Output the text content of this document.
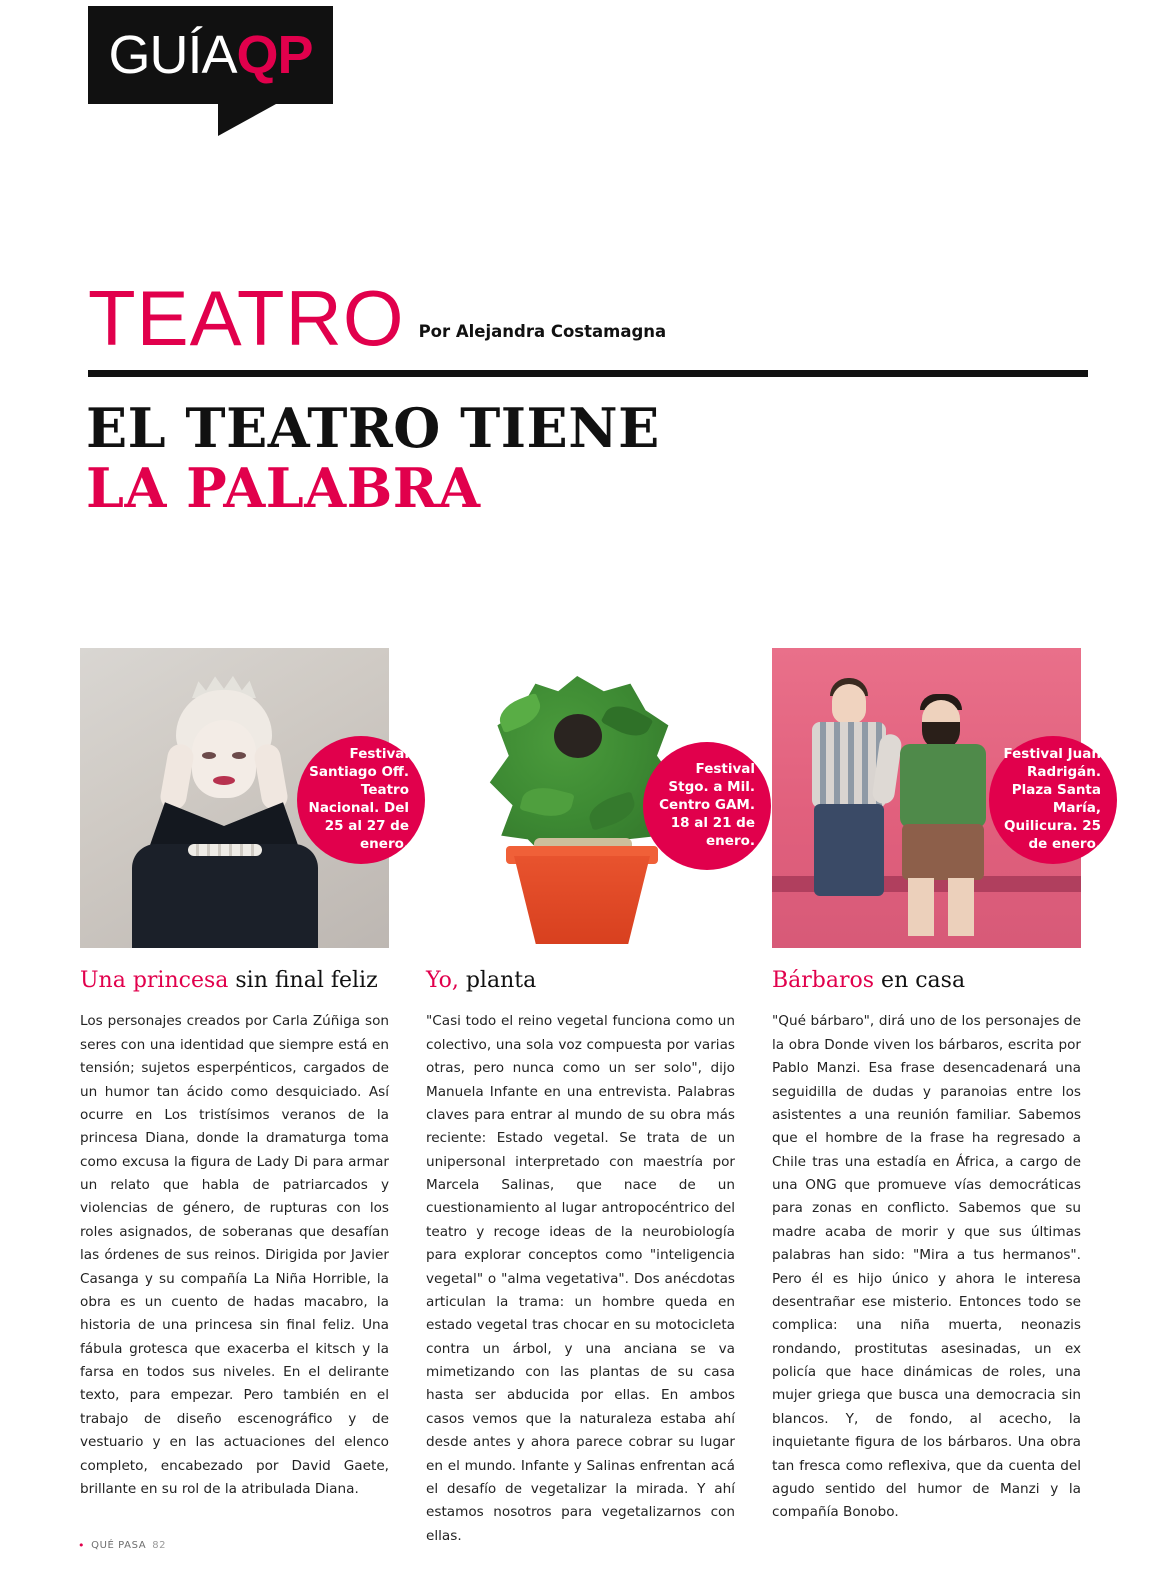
GUÍAQP
TEATRO Por Alejandra Costamagna
EL TEATRO TIENE
LA PALABRA
Festival Santiago Off. Teatro Nacional. Del 25 al 27 de enero.
Una princesa sin final feliz
Los personajes creados por Carla Zúñiga son seres con una identidad que siempre está en tensión; sujetos esperpénticos, cargados de un humor tan ácido como desquiciado. Así ocurre en Los tristísimos veranos de la princesa Diana, donde la dramaturga toma como excusa la figura de Lady Di para armar un relato que habla de patriarcados y violencias de género, de rupturas con los roles asignados, de soberanas que desafían las órdenes de sus reinos. Dirigida por Javier Casanga y su compañía La Niña Horrible, la obra es un cuento de hadas macabro, la historia de una princesa sin final feliz. Una fábula grotesca que exacerba el kitsch y la farsa en todos sus niveles. En el delirante texto, para empezar. Pero también en el trabajo de diseño escenográfico y de vestuario y en las actuaciones del elenco completo, encabezado por David Gaete, brillante en su rol de la atribulada Diana.
Festival Stgo. a Mil. Centro GAM. 18 al 21 de enero.
Yo, planta
"Casi todo el reino vegetal funciona como un colectivo, una sola voz compuesta por varias otras, pero nunca como un ser solo", dijo Manuela Infante en una entrevista. Palabras claves para entrar al mundo de su obra más reciente: Estado vegetal. Se trata de un unipersonal interpretado con maestría por Marcela Salinas, que nace de un cuestionamiento al lugar antropocéntrico del teatro y recoge ideas de la neurobiología para explorar conceptos como "inteligencia vegetal" o "alma vegetativa". Dos anécdotas articulan la trama: un hombre queda en estado vegetal tras chocar en su motocicleta contra un árbol, y una anciana se va mimetizando con las plantas de su casa hasta ser abducida por ellas. En ambos casos vemos que la naturaleza estaba ahí desde antes y ahora parece cobrar su lugar en el mundo. Infante y Salinas enfrentan acá el desafío de vegetalizar la mirada. Y ahí estamos nosotros para vegetalizarnos con ellas.
Festival Juan Radrigán. Plaza Santa María, Quilicura. 25 de enero.
Bárbaros en casa
"Qué bárbaro", dirá uno de los personajes de la obra Donde viven los bárbaros, escrita por Pablo Manzi. Esa frase desencadenará una seguidilla de dudas y paranoias entre los asistentes a una reunión familiar. Sabemos que el hombre de la frase ha regresado a Chile tras una estadía en África, a cargo de una ONG que promueve vías democráticas para zonas en conflicto. Sabemos que su madre acaba de morir y que sus últimas palabras han sido: "Mira a tus hermanos". Pero él es hijo único y ahora le interesa desentrañar ese misterio. Entonces todo se complica: una niña muerta, neonazis rondando, prostitutas asesinadas, un ex policía que hace dinámicas de roles, una mujer griega que busca una democracia sin blancos. Y, de fondo, al acecho, la inquietante figura de los bárbaros. Una obra tan fresca como reflexiva, que da cuenta del agudo sentido del humor de Manzi y la compañía Bonobo.
• QUÉ PASA 82
